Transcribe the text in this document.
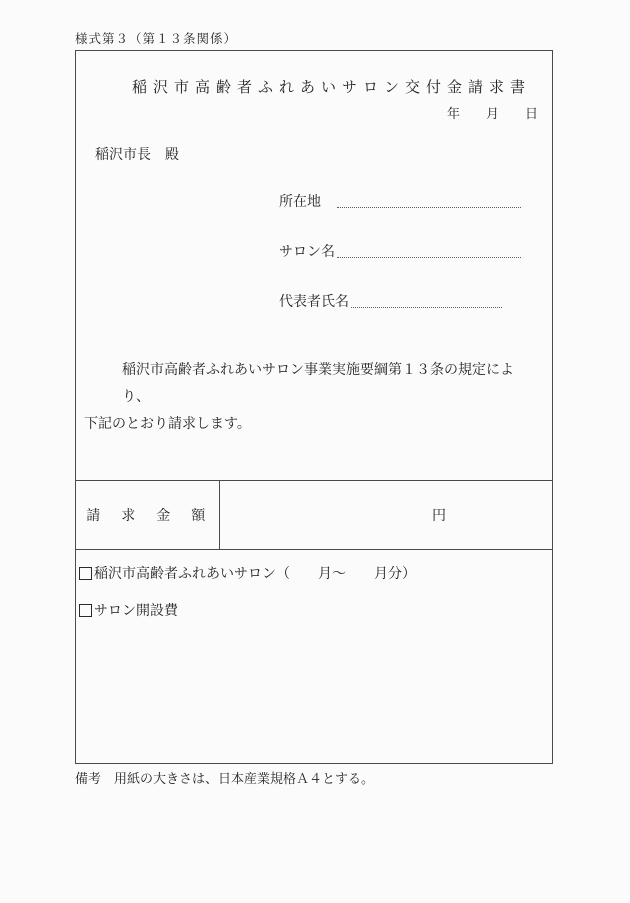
様式第３（第１３条関係）
稲沢市高齢者ふれあいサロン交付金請求書
年　　月　　日
稲沢市長　殿
所在地
サロン名
代表者氏名
稲沢市高齢者ふれあいサロン事業実施要綱第１３条の規定により、
下記のとおり請求します。
請　求　金　額	円
稲沢市高齢者ふれあいサロン（　　月～　　月分）
サロン開設費
備考　用紙の大きさは、日本産業規格Ａ４とする。
